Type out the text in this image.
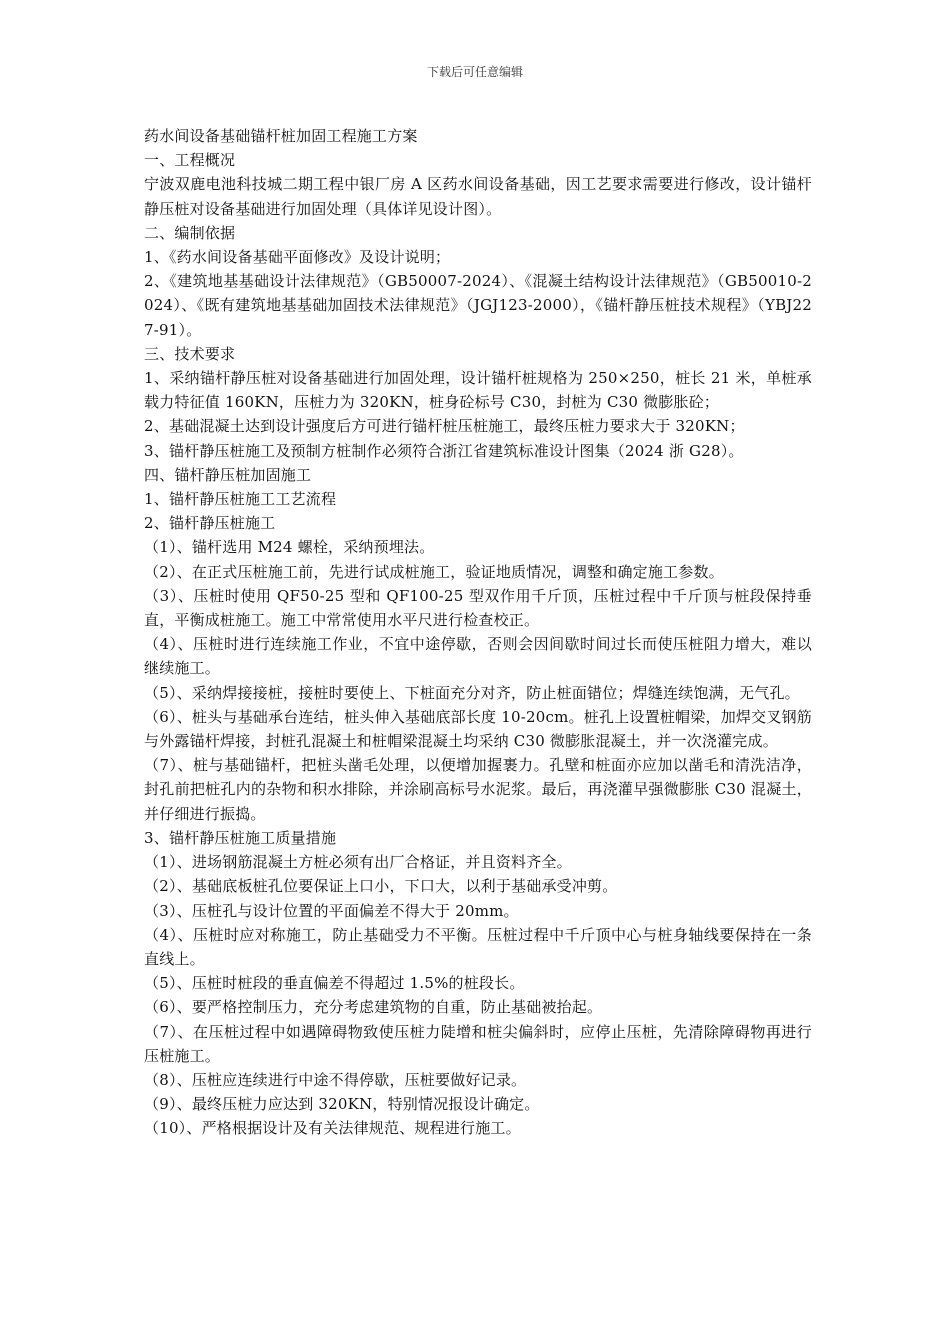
下载后可任意编辑

药水间设备基础锚杆桩加固工程施工方案

一、工程概况

宁波双鹿电池科技城二期工程中银厂房 A 区药水间设备基础，因工艺要求需要进行修改，设计锚杆静压桩对设备基础进行加固处理（具体详见设计图）。

二、编制依据

1、《药水间设备基础平面修改》及设计说明；

2、《建筑地基基础设计法律规范》（GB50007-2024）、《混凝土结构设计法律规范》（GB50010-2024）、《既有建筑地基基础加固技术法律规范》（JGJ123-2000），《锚杆静压桩技术规程》（YBJ227-91）。

三、技术要求

1、采纳锚杆静压桩对设备基础进行加固处理，设计锚杆桩规格为 250×250，桩长 21 米，单桩承载力特征值 160KN，压桩力为 320KN，桩身砼标号 C30，封桩为 C30 微膨胀砼；

2、基础混凝土达到设计强度后方可进行锚杆桩压桩施工，最终压桩力要求大于 320KN；

3、锚杆静压桩施工及预制方桩制作必须符合浙江省建筑标准设计图集（2024 浙 G28）。

四、锚杆静压桩加固施工

1、锚杆静压桩施工工艺流程

2、锚杆静压桩施工

（1）、锚杆选用 M24 螺栓，采纳预埋法。

（2）、在正式压桩施工前，先进行试成桩施工，验证地质情况，调整和确定施工参数。

（3）、压桩时使用 QF50-25 型和 QF100-25 型双作用千斤顶，压桩过程中千斤顶与桩段保持垂直，平衡成桩施工。施工中常常使用水平尺进行检查校正。

（4）、压桩时进行连续施工作业，不宜中途停歇，否则会因间歇时间过长而使压桩阻力增大，难以继续施工。

（5）、采纳焊接接桩，接桩时要使上、下桩面充分对齐，防止桩面错位；焊缝连续饱满，无气孔。

（6）、桩头与基础承台连结，桩头伸入基础底部长度 10-20cm。桩孔上设置桩帽梁，加焊交叉钢筋与外露锚杆焊接，封桩孔混凝土和桩帽梁混凝土均采纳 C30 微膨胀混凝土，并一次浇灌完成。

（7）、桩与基础锚杆，把桩头凿毛处理，以便增加握裹力。孔壁和桩面亦应加以凿毛和清洗洁净，封孔前把桩孔内的杂物和积水排除，并涂刷高标号水泥浆。最后，再浇灌早强微膨胀 C30 混凝土，并仔细进行振捣。

3、锚杆静压桩施工质量措施

（1）、进场钢筋混凝土方桩必须有出厂合格证，并且资料齐全。

（2）、基础底板桩孔位要保证上口小，下口大，以利于基础承受冲剪。

（3）、压桩孔与设计位置的平面偏差不得大于 20mm。

（4）、压桩时应对称施工，防止基础受力不平衡。压桩过程中千斤顶中心与桩身轴线要保持在一条直线上。

（5）、压桩时桩段的垂直偏差不得超过 1.5%的桩段长。

（6）、要严格控制压力，充分考虑建筑物的自重，防止基础被抬起。

（7）、在压桩过程中如遇障碍物致使压桩力陡增和桩尖偏斜时，应停止压桩，先清除障碍物再进行压桩施工。

（8）、压桩应连续进行中途不得停歇，压桩要做好记录。

（9）、最终压桩力应达到 320KN，特别情况报设计确定。

（10）、严格根据设计及有关法律规范、规程进行施工。
